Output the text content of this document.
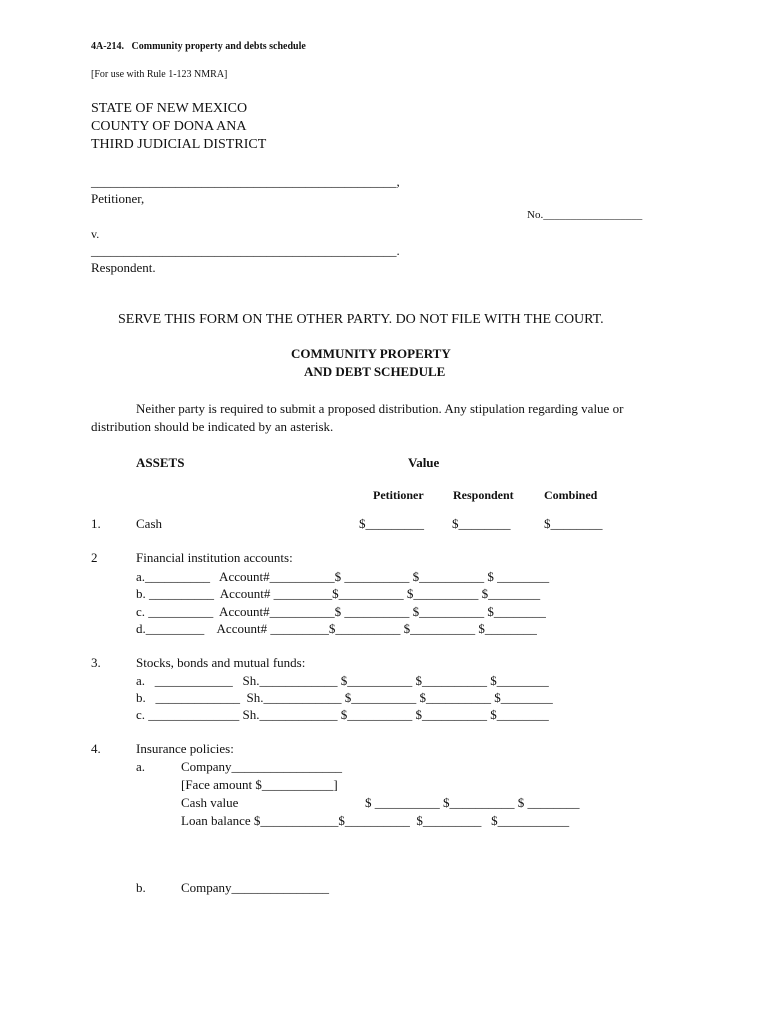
4A-214.   Community property and debts schedule
[For use with Rule 1-123 NMRA]
STATE OF NEW MEXICO
COUNTY OF DONA ANA
THIRD JUDICIAL DISTRICT
_______________________________________________,
Petitioner,
No.__________________
v.
_______________________________________________.
Respondent.
SERVE THIS FORM ON THE OTHER PARTY. DO NOT FILE WITH THE COURT.
COMMUNITY PROPERTY
AND DEBT SCHEDULE
Neither party is required to submit a proposed distribution. Any stipulation regarding value or
distribution should be indicated by an asterisk.
ASSETS	Value
Petitioner Respondent	Combined
1.	Cash	$_________ $________	$________
2	Financial institution accounts:
a.__________   Account#__________$ __________ $__________ $ ________
b. __________  Account# _________$__________ $__________ $________
c. __________  Account#__________$ __________ $__________ $________
d._________    Account# _________$__________ $__________ $________
3.	Stocks, bonds and mutual funds:
a.   ____________   Sh.____________ $__________ $__________ $________
b.   _____________  Sh.____________ $__________ $__________ $________
c. ______________ Sh.____________ $__________ $__________ $________
4.	Insurance policies:
a.	Company_________________
[Face amount $___________]
Cash value	$ __________ $__________ $ ________
Loan balance $____________$__________  $_________   $___________
b.	Company_______________
